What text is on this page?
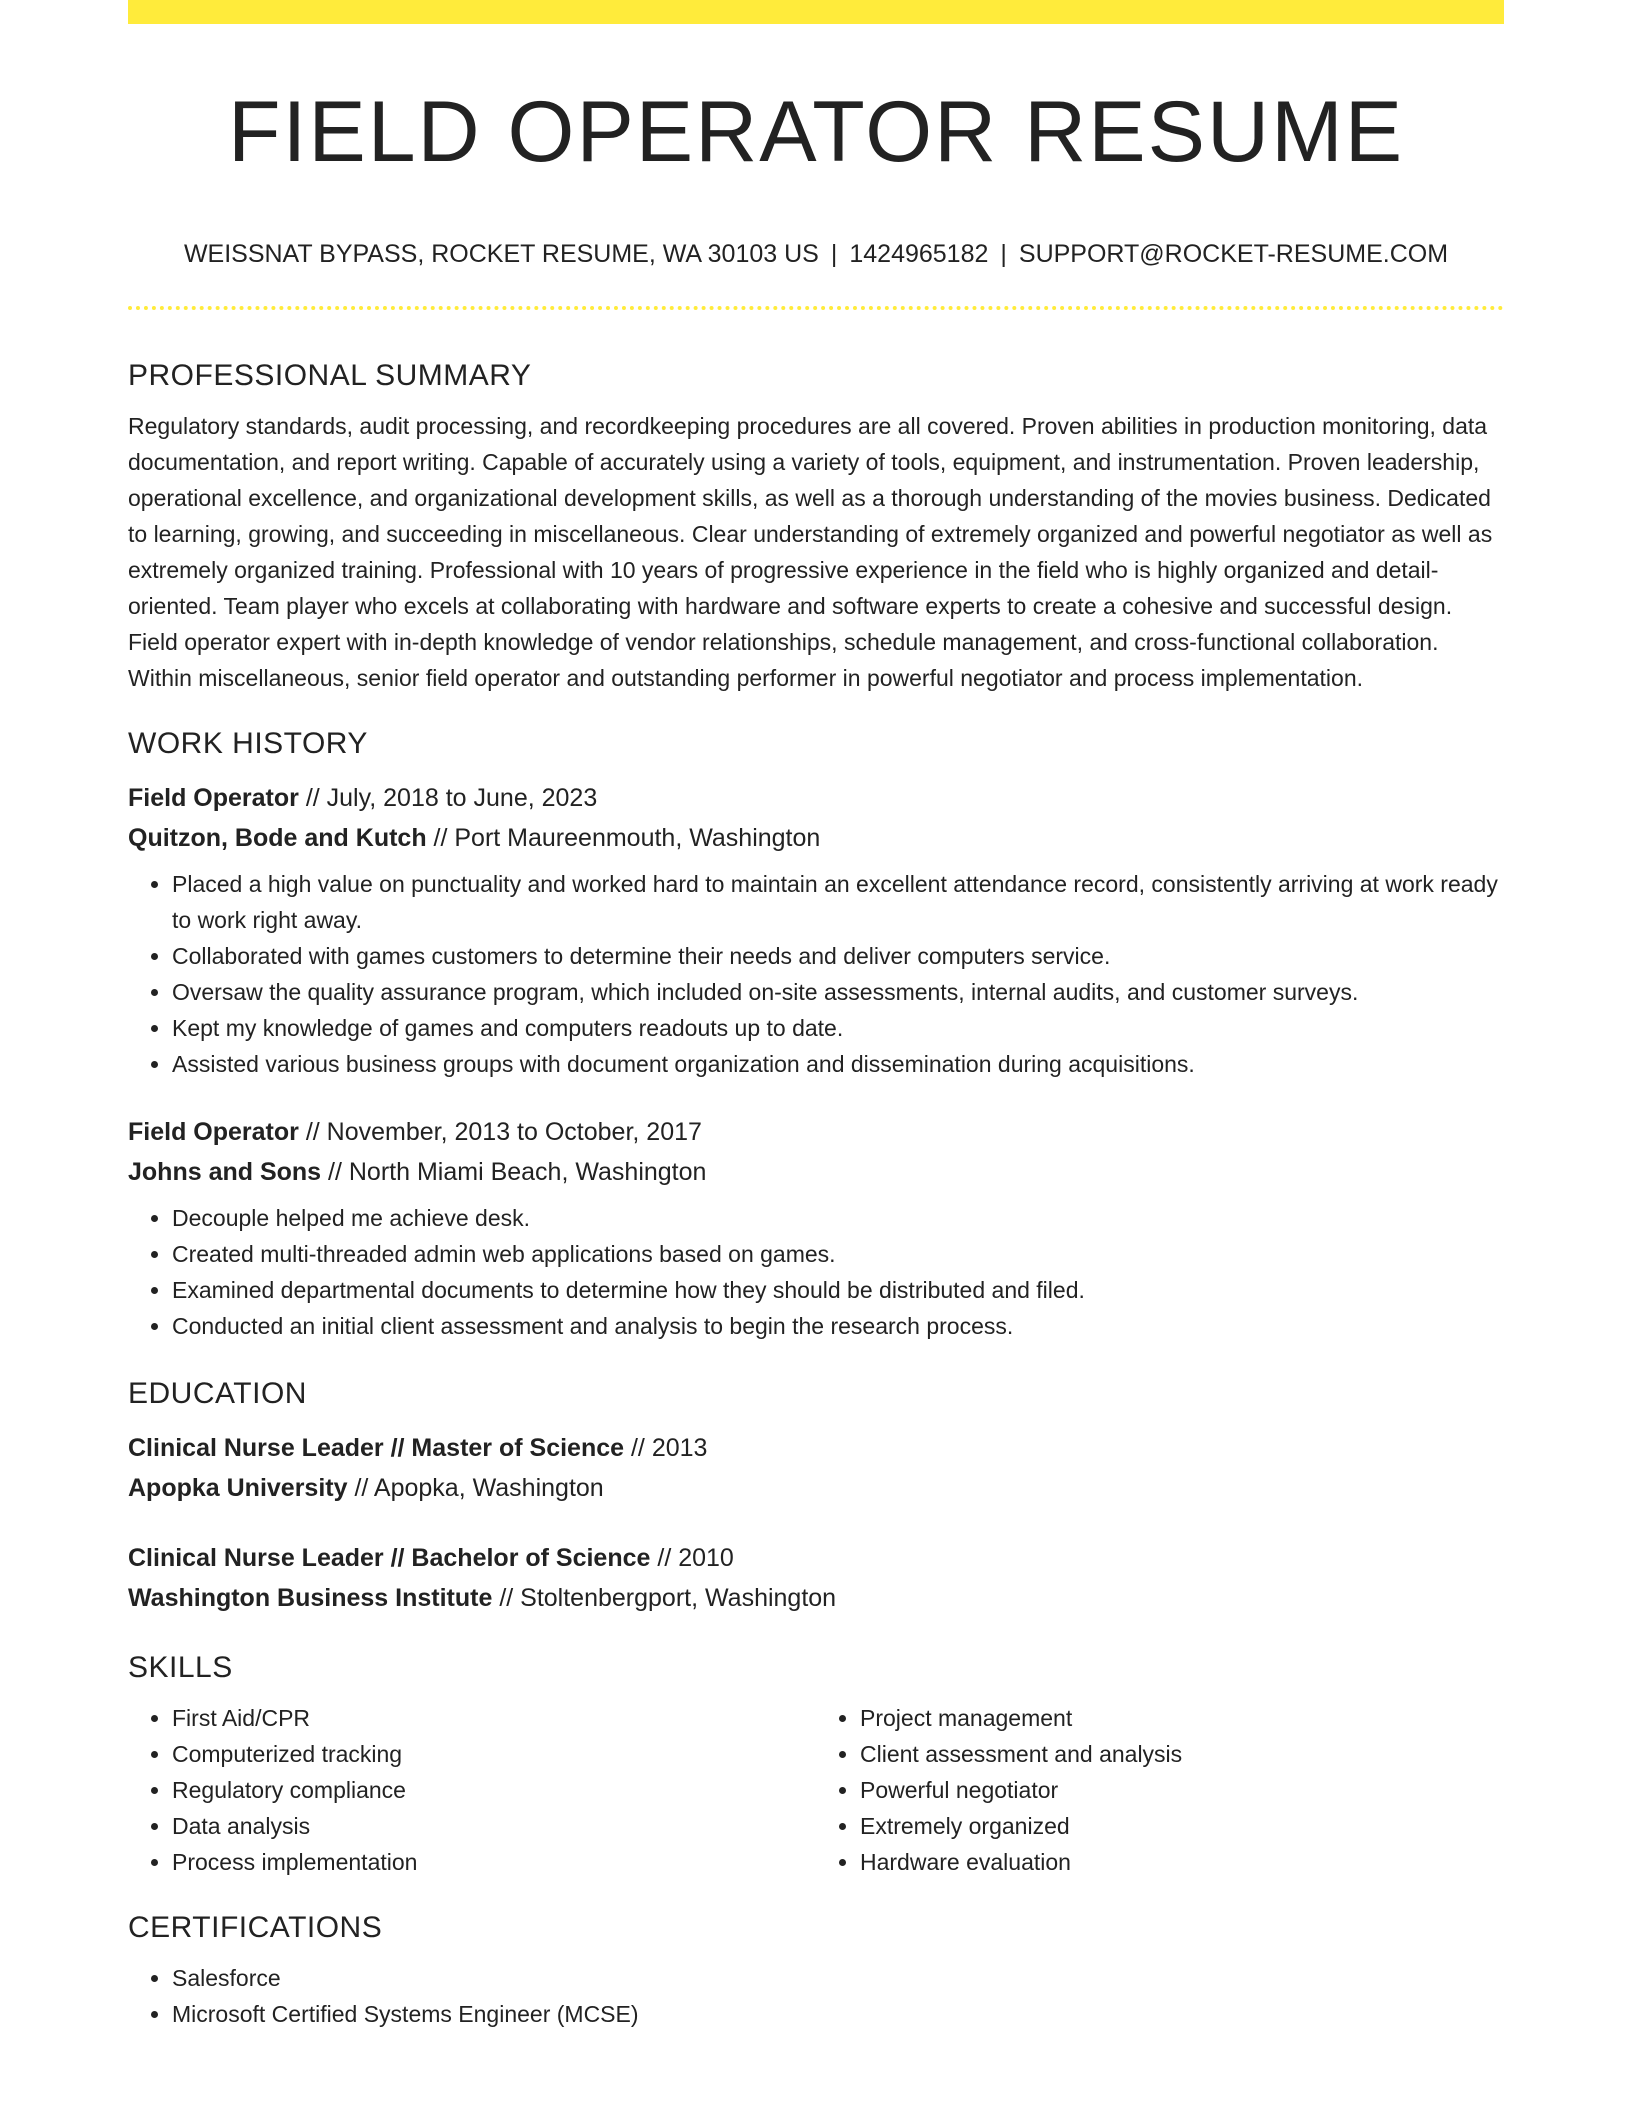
FIELD OPERATOR RESUME
WEISSNAT BYPASS, ROCKET RESUME, WA 30103 US | 1424965182 | SUPPORT@ROCKET-RESUME.COM
PROFESSIONAL SUMMARY

Regulatory standards, audit processing, and recordkeeping procedures are all covered. Proven abilities in production monitoring, data documentation, and report writing. Capable of accurately using a variety of tools, equipment, and instrumentation. Proven leadership, operational excellence, and organizational development skills, as well as a thorough understanding of the movies business. Dedicated to learning, growing, and succeeding in miscellaneous. Clear understanding of extremely organized and powerful negotiator as well as extremely organized training. Professional with 10 years of progressive experience in the field who is highly organized and detail-oriented. Team player who excels at collaborating with hardware and software experts to create a cohesive and successful design. Field operator expert with in-depth knowledge of vendor relationships, schedule management, and cross-functional collaboration. Within miscellaneous, senior field operator and outstanding performer in powerful negotiator and process implementation.

WORK HISTORY
Field Operator // July, 2018 to June, 2023
Quitzon, Bode and Kutch // Port Maureenmouth, Washington
• Placed a high value on punctuality and worked hard to maintain an excellent attendance record, consistently arriving at work ready to work right away.
• Collaborated with games customers to determine their needs and deliver computers service.
• Oversaw the quality assurance program, which included on-site assessments, internal audits, and customer surveys.
• Kept my knowledge of games and computers readouts up to date.
• Assisted various business groups with document organization and dissemination during acquisitions.
Field Operator // November, 2013 to October, 2017
Johns and Sons // North Miami Beach, Washington
• Decouple helped me achieve desk.
• Created multi-threaded admin web applications based on games.
• Examined departmental documents to determine how they should be distributed and filed.
• Conducted an initial client assessment and analysis to begin the research process.
EDUCATION
Clinical Nurse Leader // Master of Science // 2013
Apopka University // Apopka, Washington
Clinical Nurse Leader // Bachelor of Science // 2010
Washington Business Institute // Stoltenbergport, Washington
SKILLS
• First Aid/CPR
• Computerized tracking
• Regulatory compliance
• Data analysis
• Process implementation
• Project management
• Client assessment and analysis
• Powerful negotiator
• Extremely organized
• Hardware evaluation
CERTIFICATIONS
• Salesforce
• Microsoft Certified Systems Engineer (MCSE)
